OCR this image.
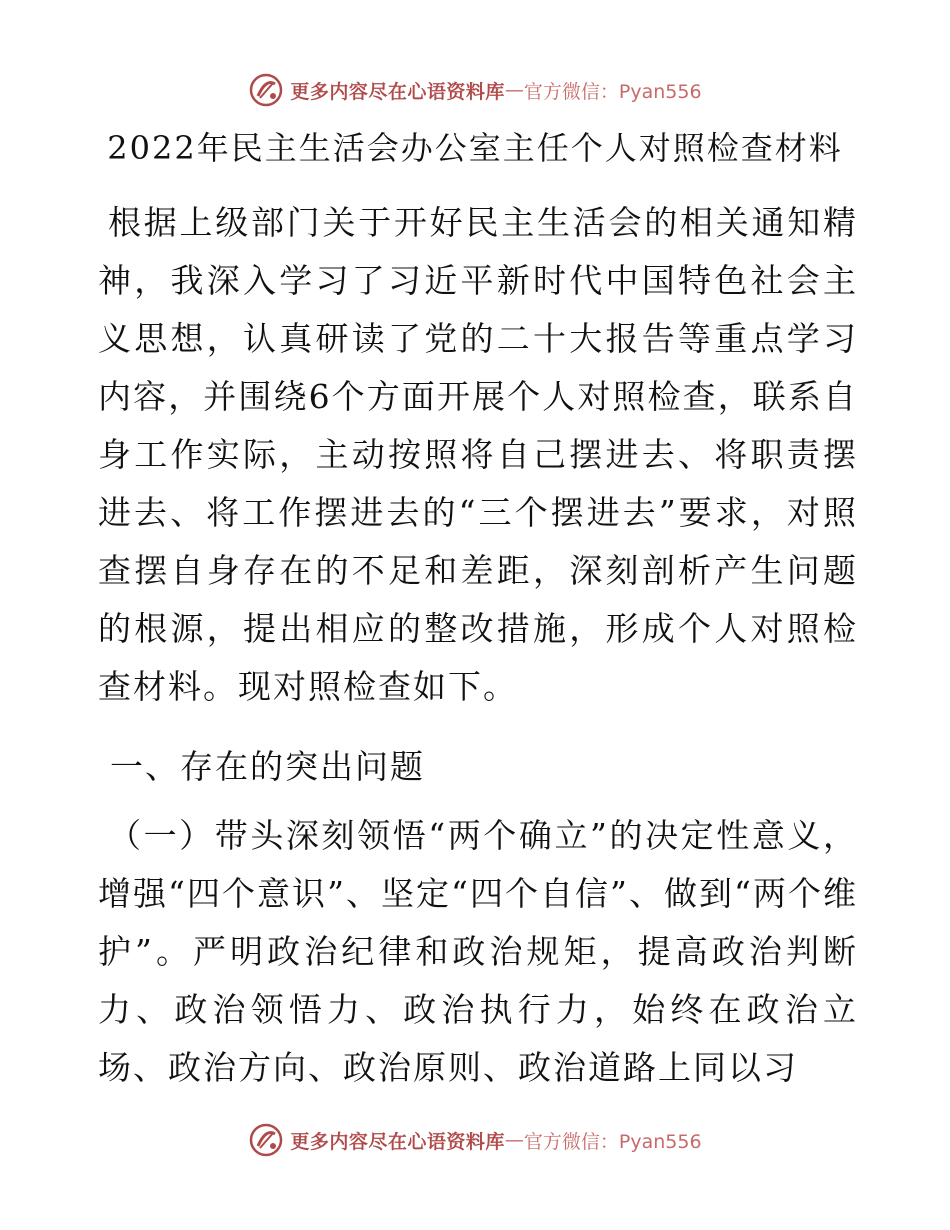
更多内容尽在心语资料库 — 官方微信：Pyan556
2022年民主生活会办公室主任个人对照检查材料
根据上级部门关于开好民主生活会的相关通知精神，我深入学习了习近平新时代中国特色社会主义思想，认真研读了党的二十大报告等重点学习内容，并围绕6个方面开展个人对照检查，联系自身工作实际，主动按照将自己摆进去、将职责摆进去、将工作摆进去的“三个摆进去”要求，对照查摆自身存在的不足和差距，深刻剖析产生问题的根源，提出相应的整改措施，形成个人对照检查材料。现对照检查如下。
一、存在的突出问题
（一）带头深刻领悟“两个确立”的决定性意义，增强“四个意识”、坚定“四个自信”、做到“两个维护”。严明政治纪律和政治规矩，提高政治判断力、政治领悟力、政治执行力，始终在政治立场、政治方向、政治原则、政治道路上同以习
更多内容尽在心语资料库 — 官方微信：Pyan556
